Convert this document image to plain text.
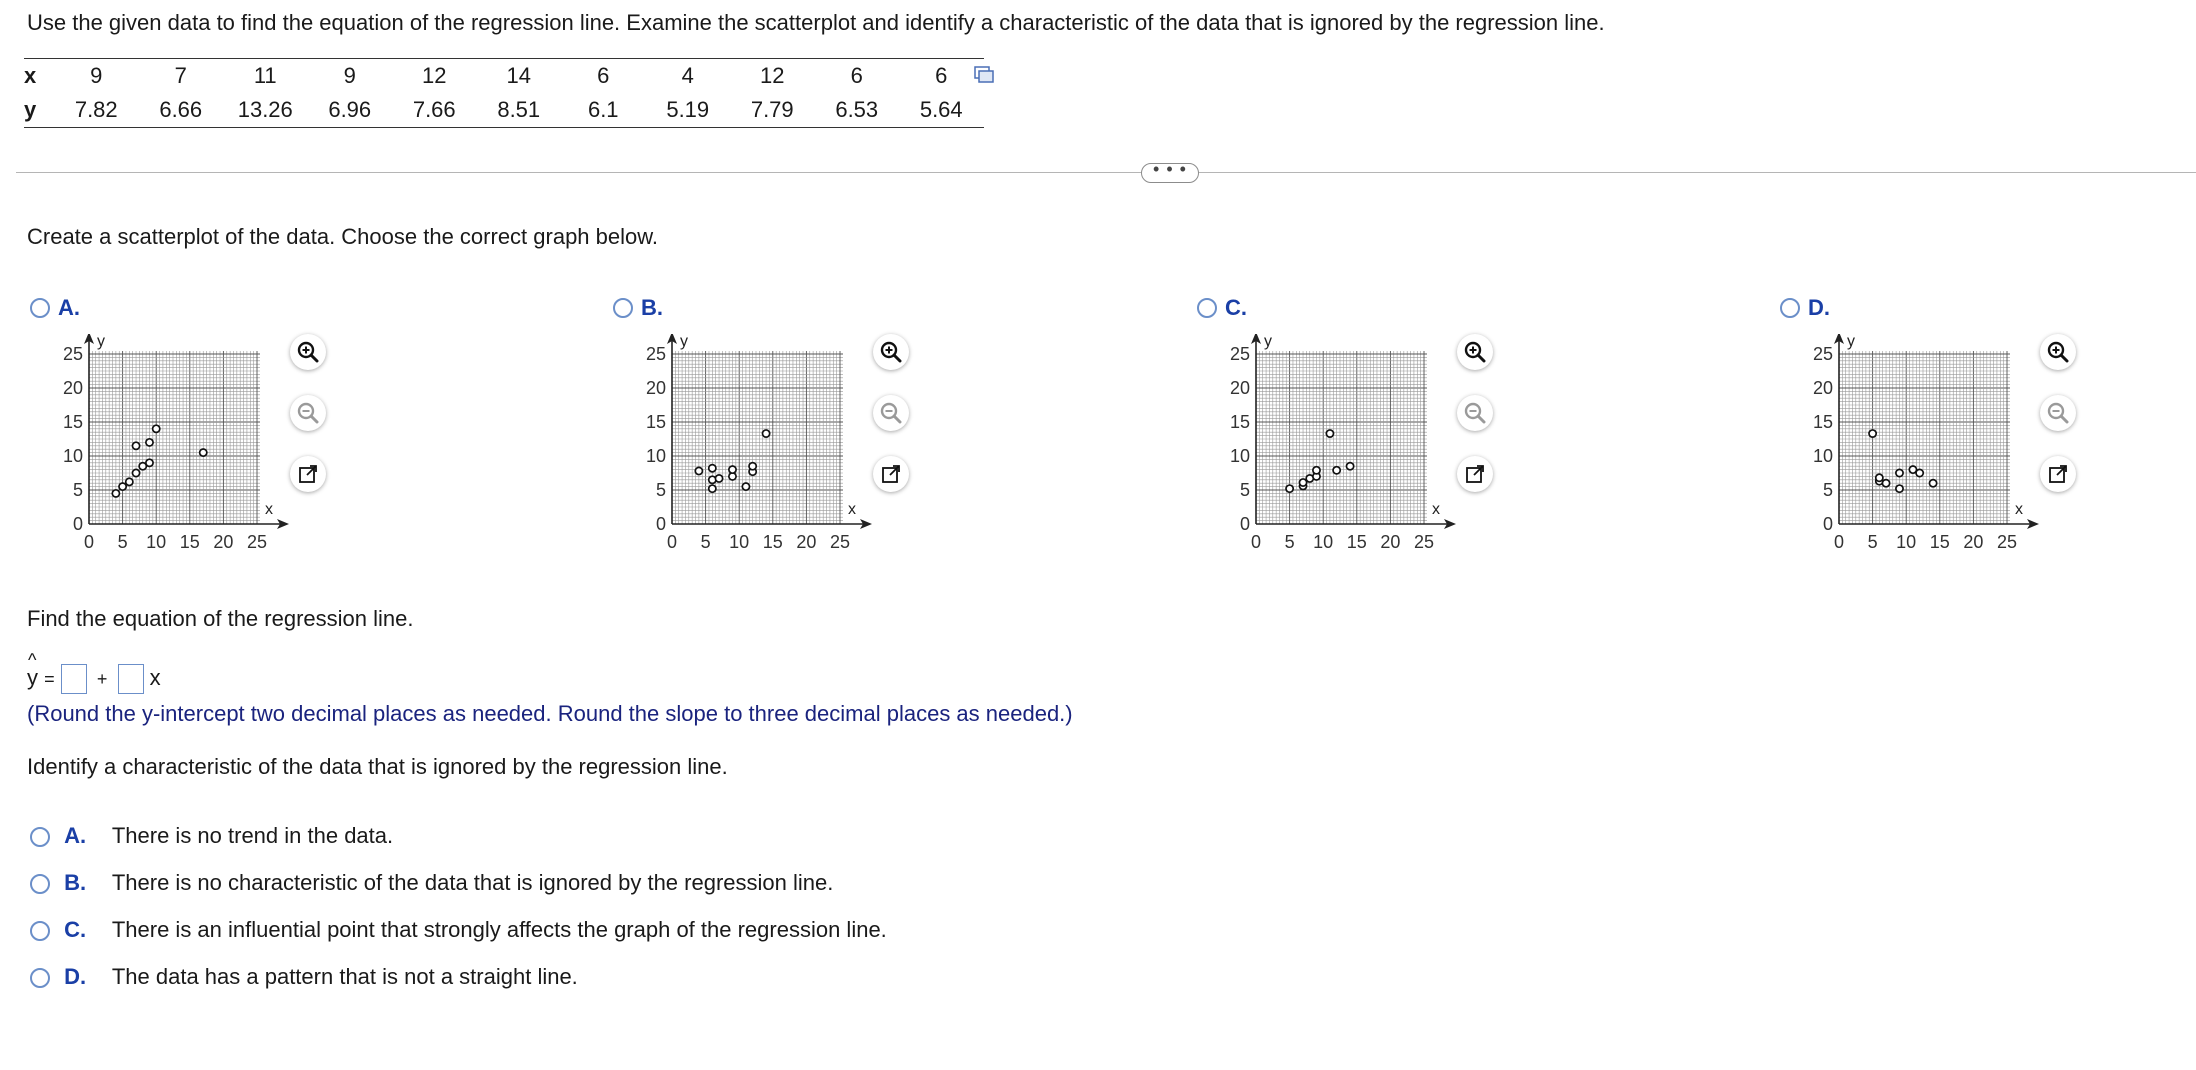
Use the given data to find the equation of the regression line. Examine the scatterplot and identify a characteristic of the data that is ignored by the regression line.
x	9	7	11	9	12	14	6	4	12	6	6
y	7.82	6.66	13.26	6.96	7.66	8.51	6.1	5.19	7.79	6.53	5.64
• • •
Create a scatterplot of the data. Choose the correct graph below.
A.
x
y
0
0
5
5
10
10
15
15
20
20
25
25
B.
x
y
0
0
5
5
10
10
15
15
20
20
25
25
C.
x
y
0
0
5
5
10
10
15
15
20
20
25
25
D.
x
y
0
0
5
5
10
10
15
15
20
20
25
25
Find the equation of the regression line.
^
y = + x
(Round the y-intercept two decimal places as needed. Round the slope to three decimal places as needed.)
Identify a characteristic of the data that is ignored by the regression line.
A. There is no trend in the data.
B. There is no characteristic of the data that is ignored by the regression line.
C. There is an influential point that strongly affects the graph of the regression line.
D. The data has a pattern that is not a straight line.
